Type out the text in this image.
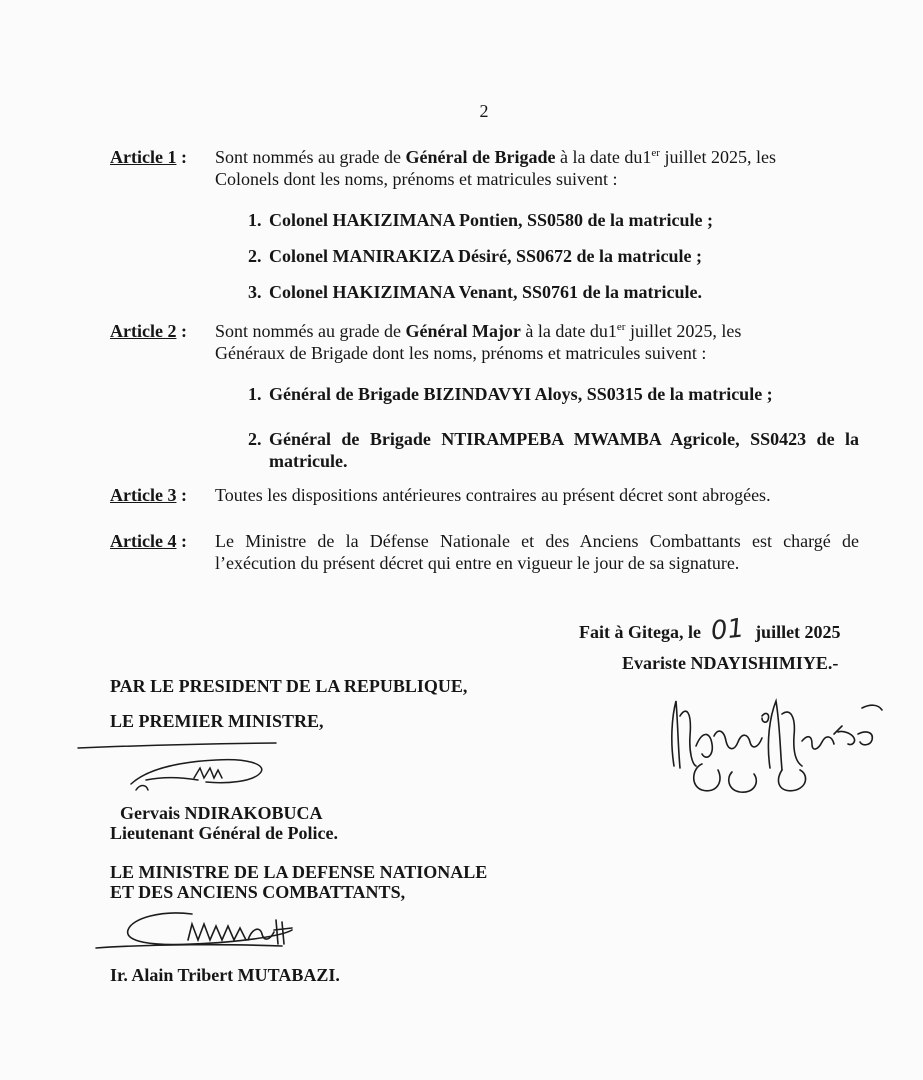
2
Article 1 : Sont nommés au grade de Général de Brigade à la date du1er juillet 2025, les
Colonels dont les noms, prénoms et matricules suivent :
1. Colonel HAKIZIMANA Pontien, SS0580 de la matricule ;
2. Colonel MANIRAKIZA Désiré, SS0672 de la matricule ;
3. Colonel HAKIZIMANA Venant, SS0761 de la matricule.
Article 2 : Sont nommés au grade de Général Major à la date du1er juillet 2025, les
Généraux de Brigade dont les noms, prénoms et matricules suivent :
1. Général de Brigade BIZINDAVYI Aloys, SS0315 de la matricule ;
2. Général de Brigade NTIRAMPEBA MWAMBA Agricole, SS0423 de la matricule.
Article 3 : Toutes les dispositions antérieures contraires au présent décret sont abrogées.
Article 4 : Le Ministre de la Défense Nationale et des Anciens Combattants est chargé de l’exécution du présent décret qui entre en vigueur le jour de sa signature.
Fait à Gitega, le 01 juillet 2025
Evariste NDAYISHIMIYE.-
PAR LE PRESIDENT DE LA REPUBLIQUE,
LE PREMIER MINISTRE,
Gervais NDIRAKOBUCA
Lieutenant Général de Police.
LE MINISTRE DE LA DEFENSE NATIONALE
ET DES ANCIENS COMBATTANTS,
Ir. Alain Tribert MUTABAZI.
